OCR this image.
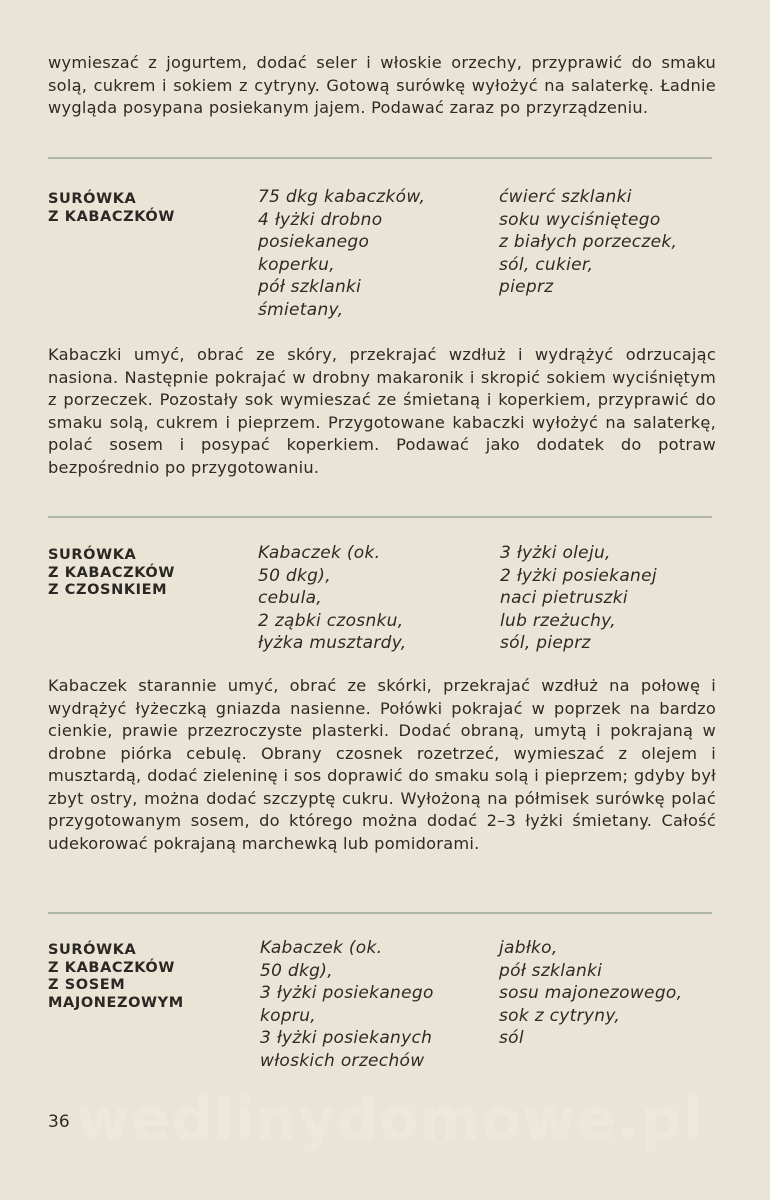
wedlinydomowe.pl

wymieszać z jogurtem, dodać seler i włoskie orzechy, przyprawić do smaku solą, cukrem i sokiem z cytryny. Gotową surówkę wyłożyć na salaterkę. Ładnie wygląda posypana posiekanym jajem. Podawać zaraz po przyrządzeniu.

SURÓWKA
Z KABACZKÓW
75 dkg kabaczków,
4 łyżki drobno
posiekanego
koperku,
pół szklanki
śmietany,
ćwierć szklanki
soku wyciśniętego
z białych porzeczek,
sól, cukier,
pieprz

Kabaczki umyć, obrać ze skóry, przekrajać wzdłuż i wydrążyć odrzucając nasiona. Następnie pokrajać w drobny makaronik i skropić sokiem wyciśniętym z porzeczek. Pozostały sok wymieszać ze śmietaną i koperkiem, przyprawić do smaku solą, cukrem i pieprzem. Przygotowane kabaczki wyłożyć na salaterkę, polać sosem i posypać koperkiem. Podawać jako dodatek do potraw bezpośrednio po przygotowaniu.

SURÓWKA
Z KABACZKÓW
Z CZOSNKIEM
Kabaczek (ok.
50 dkg),
cebula,
2 ząbki czosnku,
łyżka musztardy,
3 łyżki oleju,
2 łyżki posiekanej
naci pietruszki
lub rzeżuchy,
sól, pieprz

Kabaczek starannie umyć, obrać ze skórki, przekrajać wzdłuż na połowę i wydrążyć łyżeczką gniazda nasienne. Połówki pokrajać w poprzek na bardzo cienkie, prawie przezroczyste plasterki. Dodać obraną, umytą i pokrajaną w drobne piórka cebulę. Obrany czosnek rozetrzeć, wymieszać z olejem i musztardą, dodać zieleninę i sos doprawić do smaku solą i pieprzem; gdyby był zbyt ostry, można dodać szczyptę cukru. Wyłożoną na półmisek surówkę polać przygotowanym sosem, do którego można dodać 2–3 łyżki śmietany. Całość udekorować pokrajaną marchewką lub pomidorami.

SURÓWKA
Z KABACZKÓW
Z SOSEM
MAJONEZOWYM
Kabaczek (ok.
50 dkg),
3 łyżki posiekanego
kopru,
3 łyżki posiekanych
włoskich orzechów
jabłko,
pół szklanki
sosu majonezowego,
sok z cytryny,
sól
36
